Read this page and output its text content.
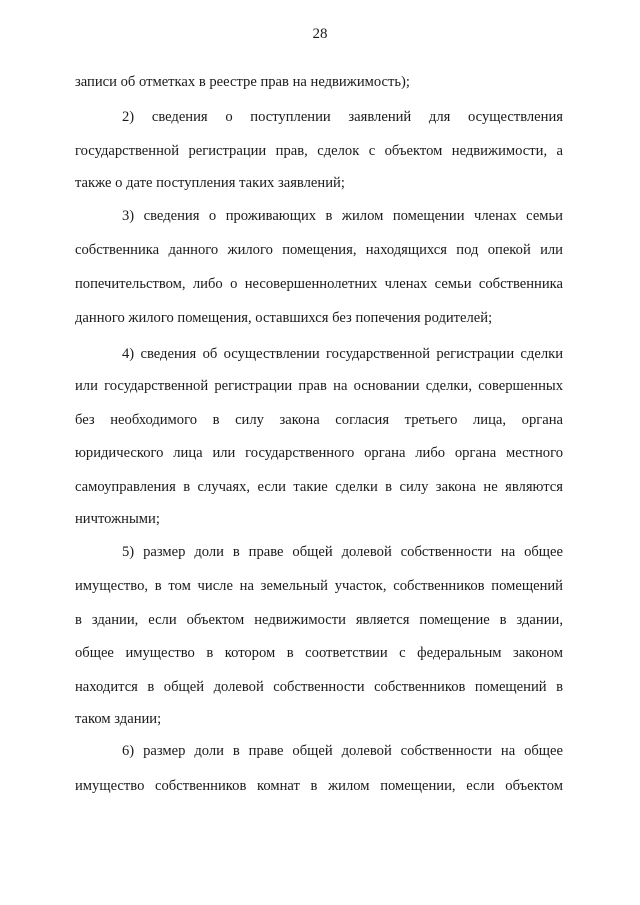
28
записи об отметках в реестре прав на недвижимость);
2) сведения о поступлении заявлений для осуществления
государственной регистрации прав, сделок с объектом недвижимости, а
также о дате поступления таких заявлений;
3) сведения о проживающих в жилом помещении членах семьи
собственника данного жилого помещения, находящихся под опекой или
попечительством, либо о несовершеннолетних членах семьи собственника
данного жилого помещения, оставшихся без попечения родителей;
4) сведения об осуществлении государственной регистрации сделки
или государственной регистрации прав на основании сделки, совершенных
без необходимого в силу закона согласия третьего лица, органа
юридического лица или государственного органа либо органа местного
самоуправления в случаях, если такие сделки в силу закона не являются
ничтожными;
5) размер доли в праве общей долевой собственности на общее
имущество, в том числе на земельный участок, собственников помещений
в здании, если объектом недвижимости является помещение в здании,
общее имущество в котором в соответствии с федеральным законом
находится в общей долевой собственности собственников помещений в
таком здании;
6) размер доли в праве общей долевой собственности на общее
имущество собственников комнат в жилом помещении, если объектом
